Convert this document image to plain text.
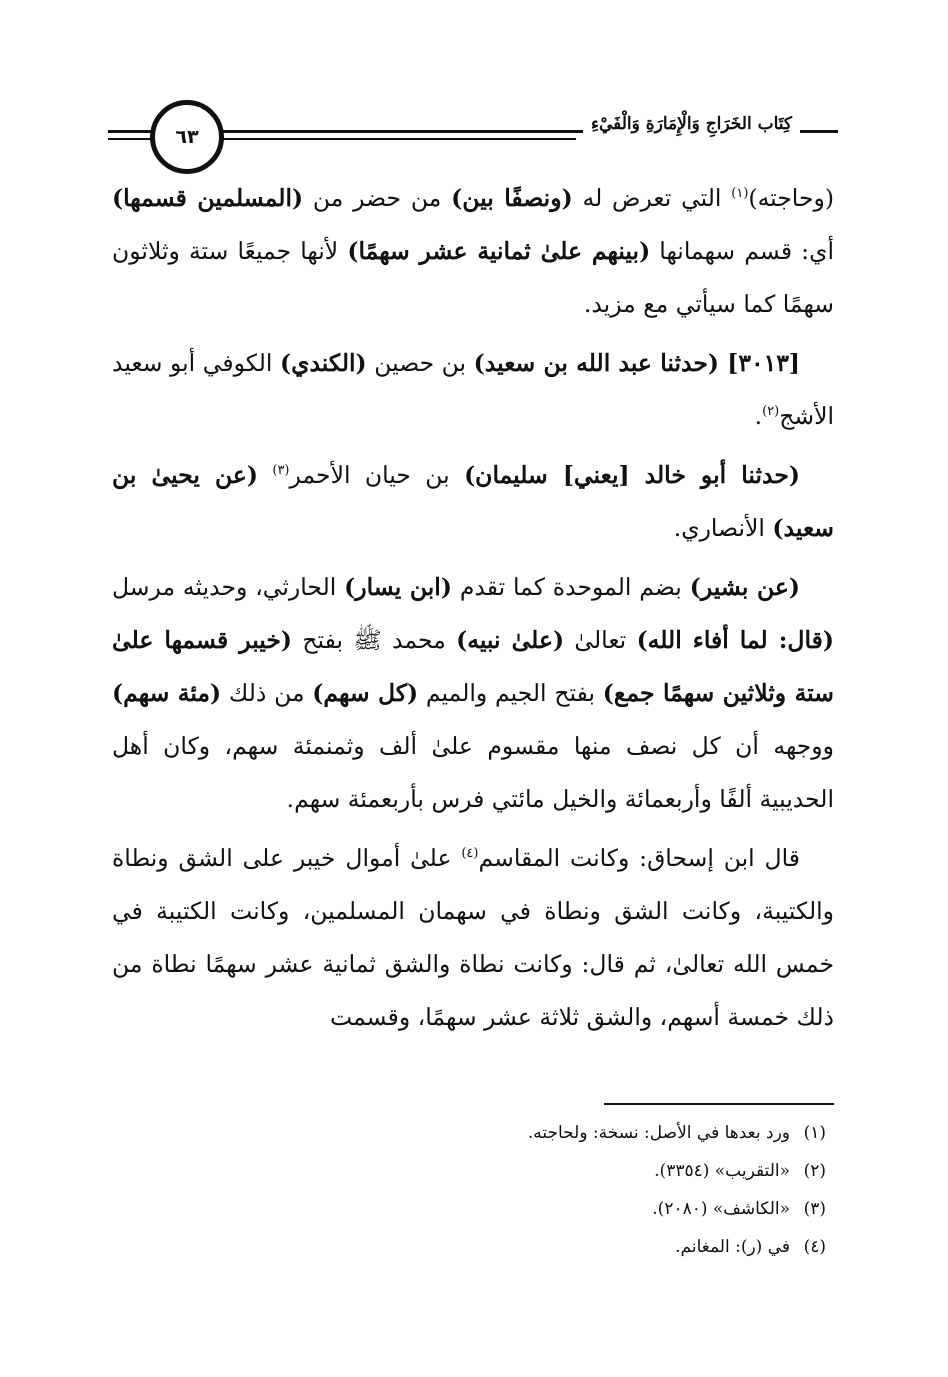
٦٣
كِتَاب الخَرَاجِ وَالْإِمَارَةِ وَالْفَيْءِ

(وحاجته)$^{(١)}$ التي تعرض له (ونصفًا بين) من حضر من (المسلمين قسمها) أي: قسم سهمانها (بينهم علىٰ ثمانية عشر سهمًا) لأنها جميعًا ستة وثلاثون سهمًا كما سيأتي مع مزيد.

[٣٠١٣] (حدثنا عبد الله بن سعيد) بن حصين (الكندي) الكوفي أبو سعيد الأشج$^{(٢)}$.

(حدثنا أبو خالد [يعني] سليمان) بن حيان الأحمر$^{(٣)}$ (عن يحيىٰ بن سعيد) الأنصاري.

(عن بشير) بضم الموحدة كما تقدم (ابن يسار) الحارثي، وحديثه مرسل (قال: لما أفاء الله) تعالىٰ (علىٰ نبيه) محمد ﷺ بفتح (خيبر قسمها علىٰ ستة وثلاثين سهمًا جمع) بفتح الجيم والميم (كل سهم) من ذلك (مئة سهم) ووجهه أن كل نصف منها مقسوم علىٰ ألف وثمنمئة سهم، وكان أهل الحديبية ألفًا وأربعمائة والخيل مائتي فرس بأربعمئة سهم.

قال ابن إسحاق: وكانت المقاسم$^{(٤)}$ علىٰ أموال خيبر على الشق ونطاة والكتيبة، وكانت الشق ونطاة في سهمان المسلمين، وكانت الكتيبة في خمس الله تعالىٰ، ثم قال: وكانت نطاة والشق ثمانية عشر سهمًا نطاة من ذلك خمسة أسهم، والشق ثلاثة عشر سهمًا، وقسمت

(١)ورد بعدها في الأصل: نسخة: ولحاجته.
(٢)«التقريب» (٣٣٥٤).
(٣)«الكاشف» (٢٠٨٠).
(٤)في (ر): المغانم.
